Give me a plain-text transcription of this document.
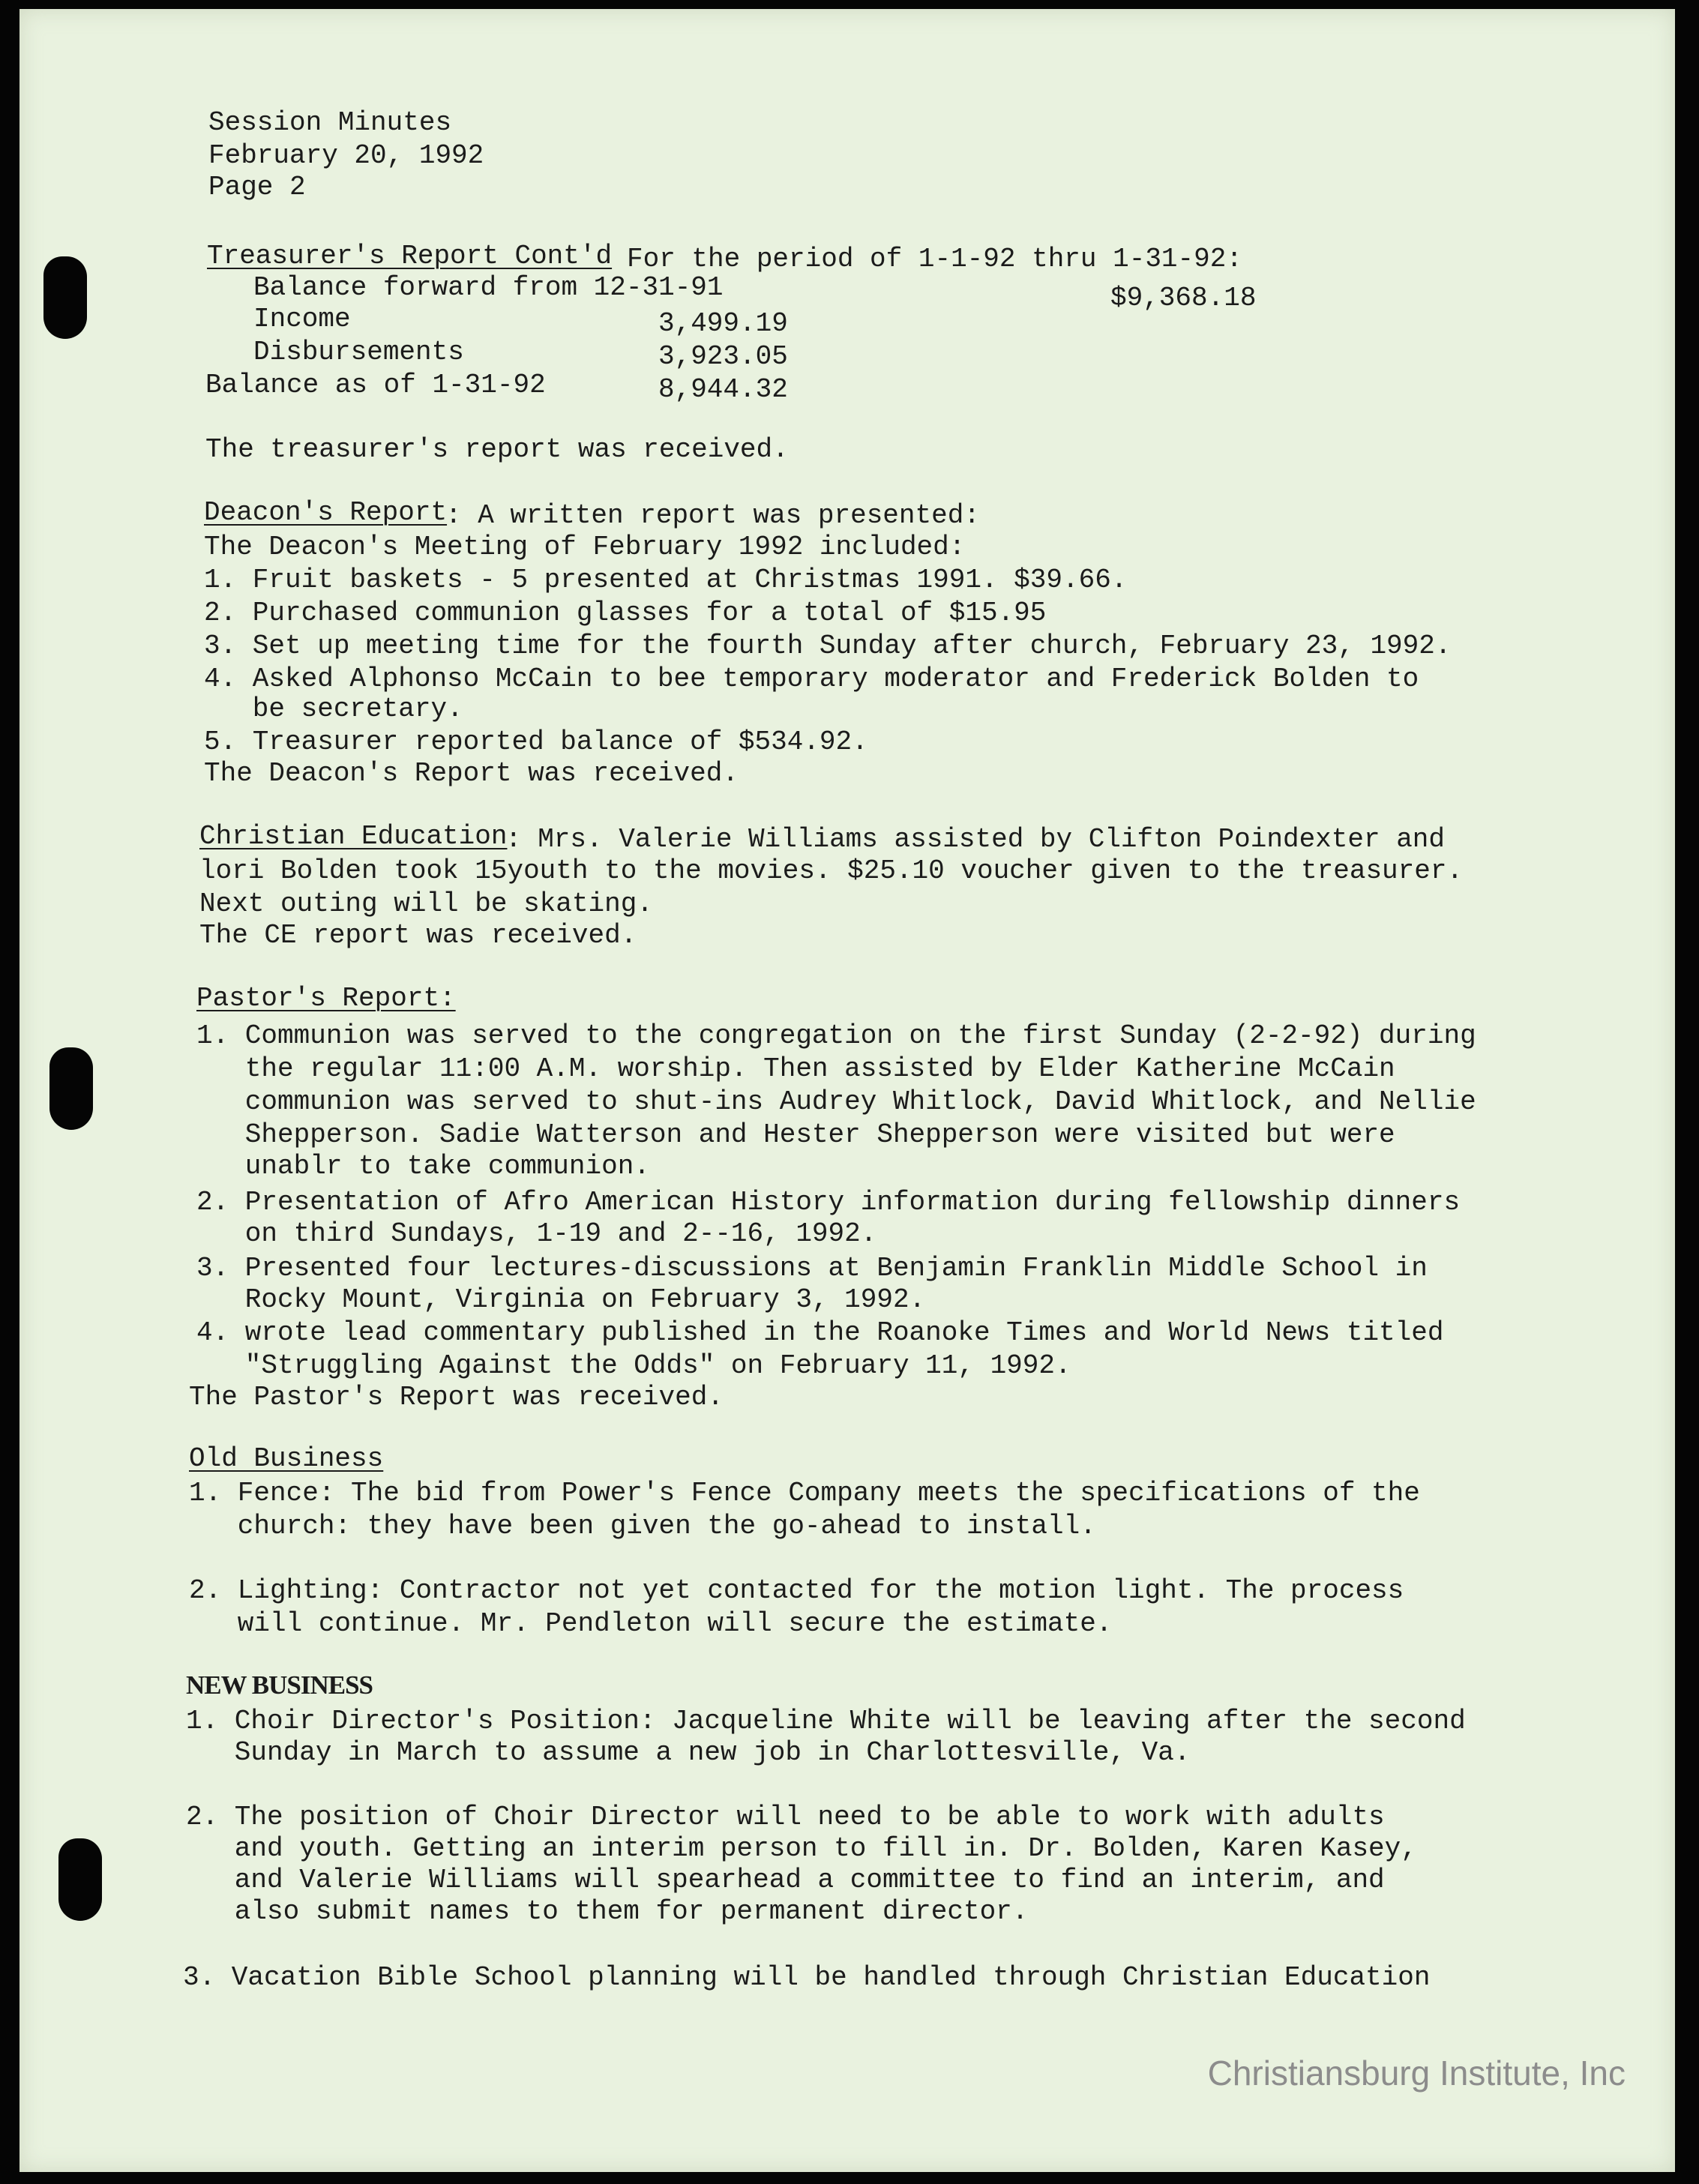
Session Minutes
February 20, 1992
Page 2
Treasurer's Report Cont'd For the period of 1-1-92 thru 1-31-92:
Balance forward from 12-31-91	$9,368.18
Income	3,499.19
Disbursements	3,923.05
Balance as of 1-31-92	8,944.32
The treasurer's report was received.
Deacon's Report
: A written report was presented:
The Deacon's Meeting of February 1992 included:
1. Fruit baskets - 5 presented at Christmas 1991. $39.66.
2. Purchased communion glasses for a total of $15.95
3. Set up meeting time for the fourth Sunday after church, February 23, 1992.
4. Asked Alphonso McCain to bee temporary moderator and Frederick Bolden to
be secretary.
5. Treasurer reported balance of $534.92.
The Deacon's Report was received.
Christian Education
: Mrs. Valerie Williams assisted by Clifton Poindexter and
lori Bolden took 15youth to the movies. $25.10 voucher given to the treasurer.
Next outing will be skating.
The CE report was received.
Pastor's Report:
1. Communion was served to the congregation on the first Sunday (2-2-92) during
the regular 11:00 A.M. worship. Then assisted by Elder Katherine McCain
communion was served to shut-ins Audrey Whitlock, David Whitlock, and Nellie
Shepperson. Sadie Watterson and Hester Shepperson were visited but were
unablr to take communion.
2. Presentation of Afro American History information during fellowship dinners
on third Sundays, 1-19 and 2--16, 1992.
3. Presented four lectures-discussions at Benjamin Franklin Middle School in
Rocky Mount, Virginia on February 3, 1992.
4. wrote lead commentary published in the Roanoke Times and World News titled
"Struggling Against the Odds" on February 11, 1992.
The Pastor's Report was received.
Old Business
1. Fence: The bid from Power's Fence Company meets the specifications of the
church: they have been given the go-ahead to install.
2. Lighting: Contractor not yet contacted for the motion light. The process
will continue. Mr. Pendleton will secure the estimate.
NEW BUSINESS
1. Choir Director's Position: Jacqueline White will be leaving after the second
Sunday in March to assume a new job in Charlottesville, Va.
2. The position of Choir Director will need to be able to work with adults
and youth. Getting an interim person to fill in. Dr. Bolden, Karen Kasey,
and Valerie Williams will spearhead a committee to find an interim, and
also submit names to them for permanent director.
3. Vacation Bible School planning will be handled through Christian Education
Christiansburg Institute, Inc
